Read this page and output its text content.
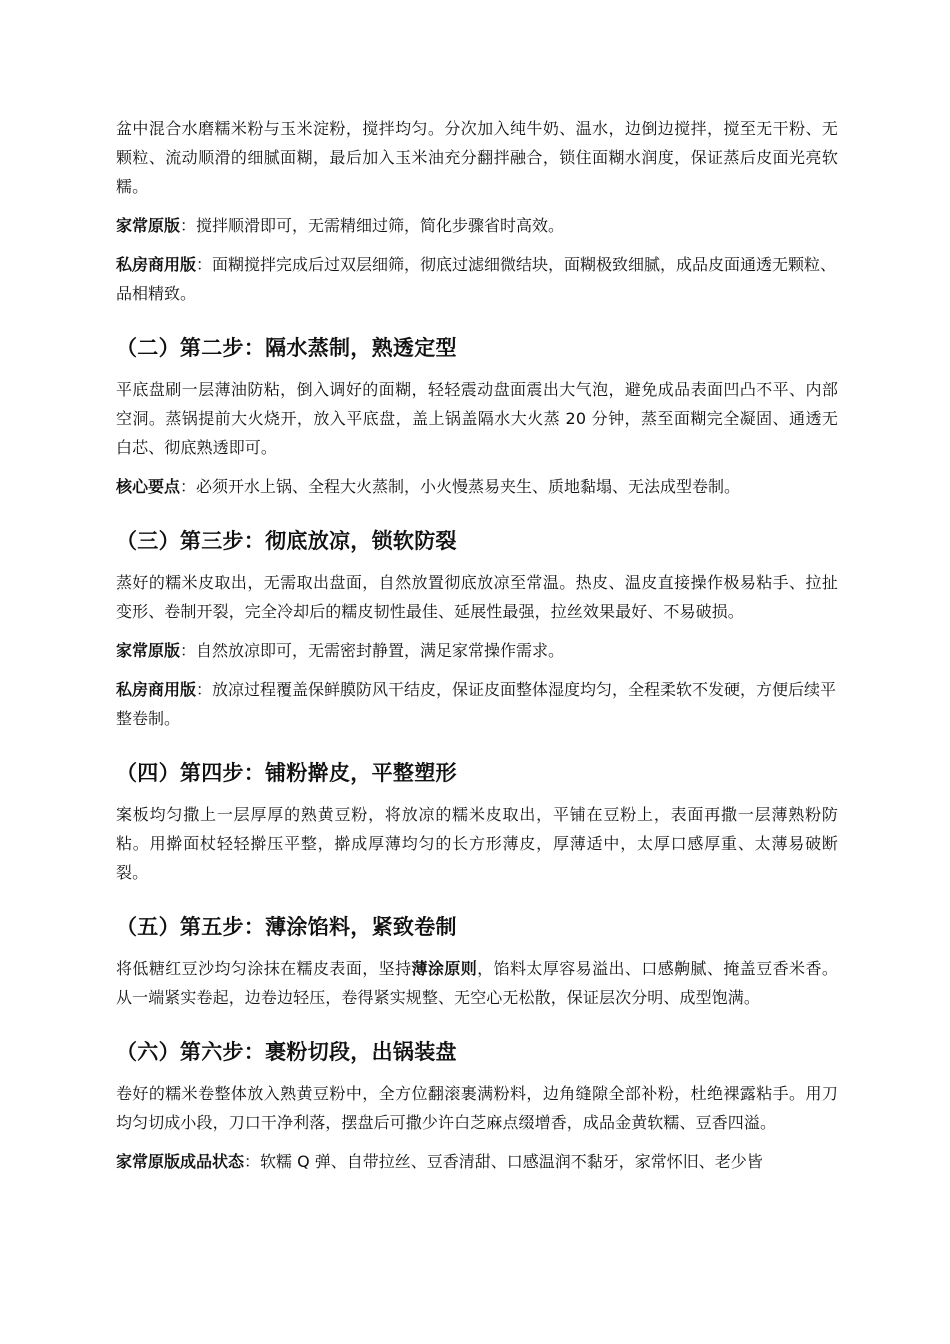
盆中混合水磨糯米粉与玉米淀粉，搅拌均匀。分次加入纯牛奶、温水，边倒边搅拌，搅至无干粉、无颗粒、流动顺滑的细腻面糊，最后加入玉米油充分翻拌融合，锁住面糊水润度，保证蒸后皮面光亮软糯。

家常原版：搅拌顺滑即可，无需精细过筛，简化步骤省时高效。

私房商用版：面糊搅拌完成后过双层细筛，彻底过滤细微结块，面糊极致细腻，成品皮面通透无颗粒、品相精致。

（二）第二步：隔水蒸制，熟透定型

平底盘刷一层薄油防粘，倒入调好的面糊，轻轻震动盘面震出大气泡，避免成品表面凹凸不平、内部空洞。蒸锅提前大火烧开，放入平底盘，盖上锅盖隔水大火蒸 20 分钟，蒸至面糊完全凝固、通透无白芯、彻底熟透即可。

核心要点：必须开水上锅、全程大火蒸制，小火慢蒸易夹生、质地黏塌、无法成型卷制。

（三）第三步：彻底放凉，锁软防裂

蒸好的糯米皮取出，无需取出盘面，自然放置彻底放凉至常温。热皮、温皮直接操作极易粘手、拉扯变形、卷制开裂，完全冷却后的糯皮韧性最佳、延展性最强，拉丝效果最好、不易破损。

家常原版：自然放凉即可，无需密封静置，满足家常操作需求。

私房商用版：放凉过程覆盖保鲜膜防风干结皮，保证皮面整体湿度均匀，全程柔软不发硬，方便后续平整卷制。

（四）第四步：铺粉擀皮，平整塑形

案板均匀撒上一层厚厚的熟黄豆粉，将放凉的糯米皮取出，平铺在豆粉上，表面再撒一层薄熟粉防粘。用擀面杖轻轻擀压平整，擀成厚薄均匀的长方形薄皮，厚薄适中，太厚口感厚重、太薄易破断裂。

（五）第五步：薄涂馅料，紧致卷制

将低糖红豆沙均匀涂抹在糯皮表面，坚持薄涂原则，馅料太厚容易溢出、口感齁腻、掩盖豆香米香。从一端紧实卷起，边卷边轻压，卷得紧实规整、无空心无松散，保证层次分明、成型饱满。

（六）第六步：裹粉切段，出锅装盘

卷好的糯米卷整体放入熟黄豆粉中，全方位翻滚裹满粉料，边角缝隙全部补粉，杜绝裸露粘手。用刀均匀切成小段，刀口干净利落，摆盘后可撒少许白芝麻点缀增香，成品金黄软糯、豆香四溢。

家常原版成品状态：软糯 Q 弹、自带拉丝、豆香清甜、口感温润不黏牙，家常怀旧、老少皆
